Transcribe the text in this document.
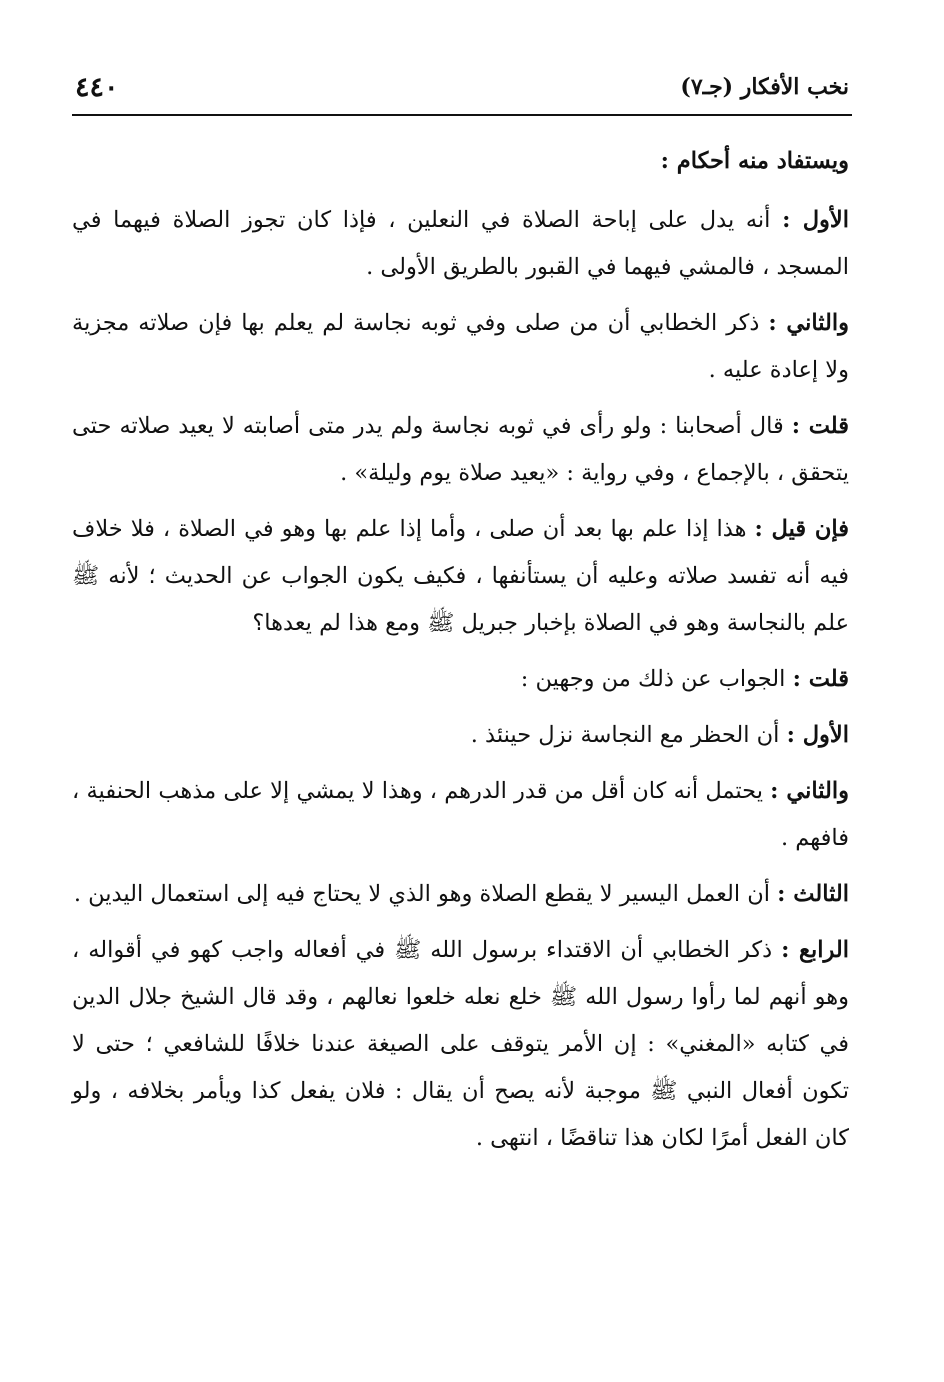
نخب الأفكار (جـ٧)
٤٤٠
ويستفاد منه أحكام :

الأول : أنه يدل على إباحة الصلاة في النعلين ، فإذا كان تجوز الصلاة فيهما في المسجد ، فالمشي فيهما في القبور بالطريق الأولى .

والثاني : ذكر الخطابي أن من صلى وفي ثوبه نجاسة لم يعلم بها فإن صلاته مجزية ولا إعادة عليه .

قلت : قال أصحابنا : ولو رأى في ثوبه نجاسة ولم يدر متى أصابته لا يعيد صلاته حتى يتحقق ، بالإجماع ، وفي رواية : «يعيد صلاة يوم وليلة» .

فإن قيل : هذا إذا علم بها بعد أن صلى ، وأما إذا علم بها وهو في الصلاة ، فلا خلاف فيه أنه تفسد صلاته وعليه أن يستأنفها ، فكيف يكون الجواب عن الحديث ؛ لأنه ﷺ علم بالنجاسة وهو في الصلاة بإخبار جبريل ﷺ ومع هذا لم يعدها؟

قلت : الجواب عن ذلك من وجهين :

الأول : أن الحظر مع النجاسة نزل حينئذ .

والثاني : يحتمل أنه كان أقل من قدر الدرهم ، وهذا لا يمشي إلا على مذهب الحنفية ، فافهم .

الثالث : أن العمل اليسير لا يقطع الصلاة وهو الذي لا يحتاج فيه إلى استعمال اليدين .

الرابع : ذكر الخطابي أن الاقتداء برسول الله ﷺ في أفعاله واجب كهو في أقواله ، وهو أنهم لما رأوا رسول الله ﷺ خلع نعله خلعوا نعالهم ، وقد قال الشيخ جلال الدين في كتابه «المغني» : إن الأمر يتوقف على الصيغة عندنا خلافًا للشافعي ؛ حتى لا تكون أفعال النبي ﷺ موجبة لأنه يصح أن يقال : فلان يفعل كذا ويأمر بخلافه ، ولو كان الفعل أمرًا لكان هذا تناقضًا ، انتهى .
